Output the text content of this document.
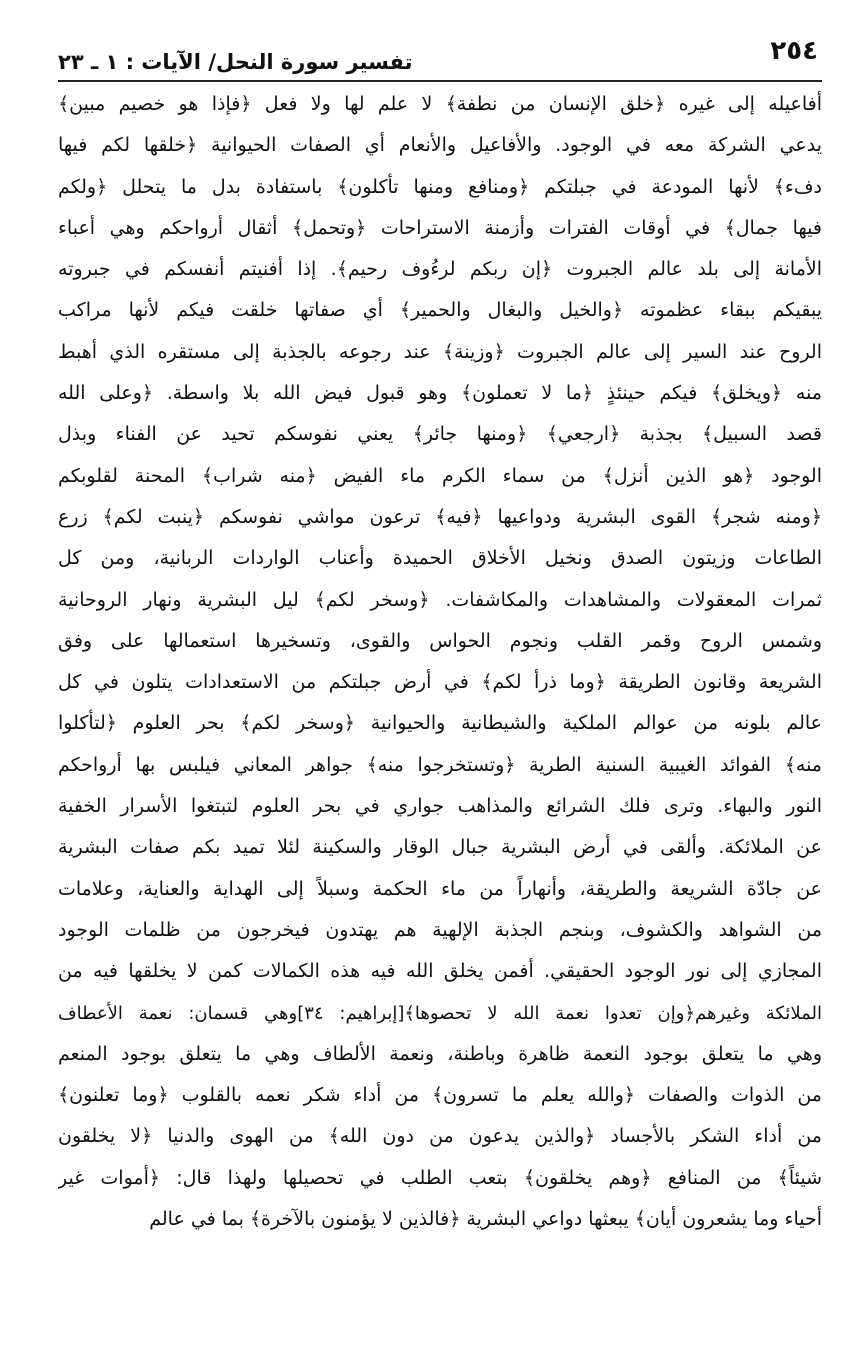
٢٥٤
تفسير سورة النحل/ الآيات : ١ ـ ٢٣
أفاعيله إلى غيره ﴿خلق الإنسان من نطفة﴾ لا علم لها ولا فعل ﴿فإذا هو خصيم مبين﴾
يدعي الشركة معه في الوجود. والأفاعيل والأنعام أي الصفات الحيوانية ﴿خلقها لكم فيها
دفء﴾ لأنها المودعة في جبلتكم ﴿ومنافع ومنها تأكلون﴾ باستفادة بدل ما يتحلل ﴿ولكم
فيها جمال﴾ في أوقات الفترات وأزمنة الاستراحات ﴿وتحمل﴾ أثقال أرواحكم وهي أعباء
الأمانة إلى بلد عالم الجبروت ﴿إن ربكم لرءُوف رحيم﴾. إذا أفنيتم أنفسكم في جبروته
يبقيكم ببقاء عظموته ﴿والخيل والبغال والحمير﴾ أي صفاتها خلقت فيكم لأنها مراكب
الروح عند السير إلى عالم الجبروت ﴿وزينة﴾ عند رجوعه بالجذبة إلى مستقره الذي أهبط
منه ﴿ويخلق﴾ فيكم حينئذٍ ﴿ما لا تعملون﴾ وهو قبول فيض الله بلا واسطة. ﴿وعلى الله
قصد السبيل﴾ بجذبة ﴿ارجعي﴾ ﴿ومنها جائر﴾ يعني نفوسكم تحيد عن الفناء وبذل
الوجود ﴿هو الذين أنزل﴾ من سماء الكرم ماء الفيض ﴿منه شراب﴾ المحنة لقلوبكم
﴿ومنه شجر﴾ القوى البشرية ودواعيها ﴿فيه﴾ ترعون مواشي نفوسكم ﴿ينبت لكم﴾ زرع
الطاعات وزيتون الصدق ونخيل الأخلاق الحميدة وأعناب الواردات الربانية، ومن كل
ثمرات المعقولات والمشاهدات والمكاشفات. ﴿وسخر لكم﴾ ليل البشرية ونهار الروحانية
وشمس الروح وقمر القلب ونجوم الحواس والقوى، وتسخيرها استعمالها على وفق
الشريعة وقانون الطريقة ﴿وما ذرأ لكم﴾ في أرض جبلتكم من الاستعدادات يتلون في كل
عالم بلونه من عوالم الملكية والشيطانية والحيوانية ﴿وسخر لكم﴾ بحر العلوم ﴿لتأكلوا
منه﴾ الفوائد الغيبية السنية الطرية ﴿وتستخرجوا منه﴾ جواهر المعاني فيلبس بها أرواحكم
النور والبهاء. وترى فلك الشرائع والمذاهب جواري في بحر العلوم لتبتغوا الأسرار الخفية
عن الملائكة. وألقى في أرض البشرية جبال الوقار والسكينة لئلا تميد بكم صفات البشرية
عن جادّة الشريعة والطريقة، وأنهاراً من ماء الحكمة وسبلاً إلى الهداية والعناية، وعلامات
من الشواهد والكشوف، وبنجم الجذبة الإلهية هم يهتدون فيخرجون من ظلمات الوجود
المجازي إلى نور الوجود الحقيقي. أفمن يخلق الله فيه هذه الكمالات كمن لا يخلقها فيه من
الملائكة وغيرهم﴿وإن تعدوا نعمة الله لا تحصوها﴾[إبراهيم: ٣٤]وهي قسمان: نعمة الأعطاف
وهي ما يتعلق بوجود النعمة ظاهرة وباطنة، ونعمة الألطاف وهي ما يتعلق بوجود المنعم
من الذوات والصفات ﴿والله يعلم ما تسرون﴾ من أداء شكر نعمه بالقلوب ﴿وما تعلنون﴾
من أداء الشكر بالأجساد ﴿والذين يدعون من دون الله﴾ من الهوى والدنيا ﴿لا يخلقون
شيئاً﴾ من المنافع ﴿وهم يخلقون﴾ بتعب الطلب في تحصيلها ولهذا قال: ﴿أموات غير
أحياء وما يشعرون أيان﴾ يبعثها دواعي البشرية ﴿فالذين لا يؤمنون بالآخرة﴾ بما في عالم
